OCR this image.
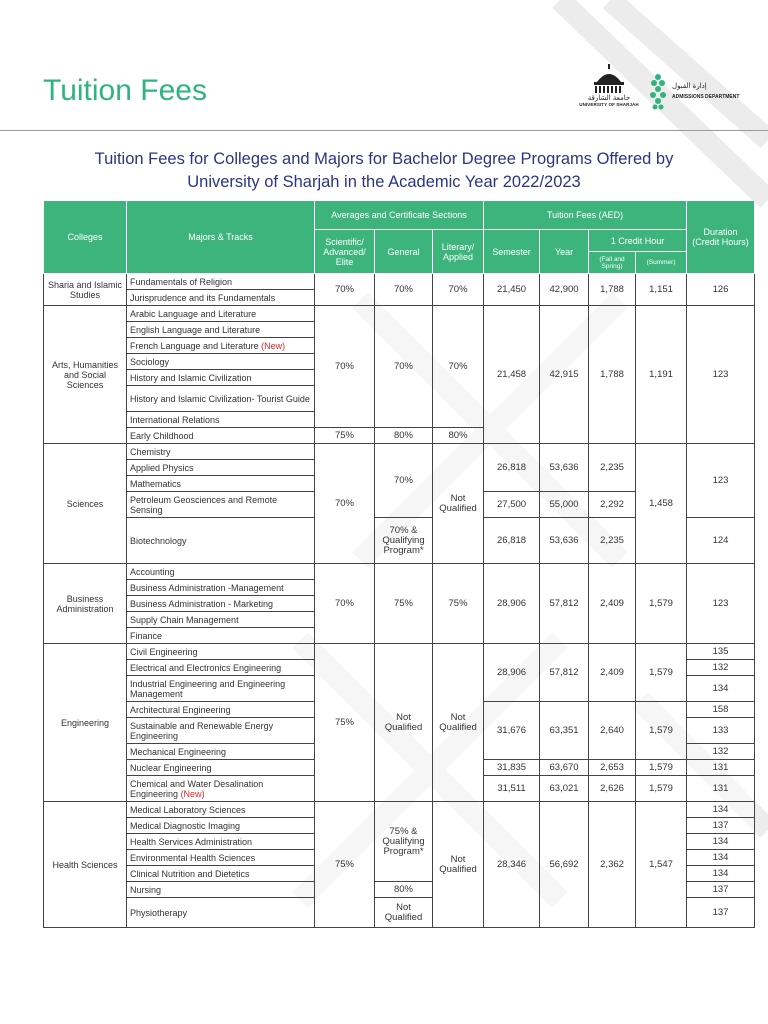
Tuition Fees	جامعة الشارقة
UNIVERSITY OF SHARJAH
إدارة القبول
ADMISSIONS DEPARTMENT
Tuition Fees for Colleges and Majors for Bachelor Degree Programs Offered by
University of Sharjah in the Academic Year 2022/2023
Colleges	Majors & Tracks	Averages and Certificate Sections			Tuition Fees (AED)				Duration (Credit Hours)
		Scientific/ Advanced/ Elite	General	Literary/ Applied	Semester	Year	1 Credit Hour		
							(Fall and Spring)	(Summer)	
Sharia and Islamic Studies	Fundamentals of Religion	70%	70%	70%	21,450	42,900	1,788	1,151	126
	Jurisprudence and its Fundamentals								
Arts, Humanities and Social Sciences	Arabic Language and Literature	70%	70%	70%	21,458	42,915	1,788	1,191	123
	English Language and Literature								
	French Language and Literature (New)								
	Sociology								
	History and Islamic Civilization								
	History and Islamic Civilization- Tourist Guide								
	International Relations								
	Early Childhood	75%	80%	80%					
Sciences	Chemistry	70%	70%	Not Qualified	26,818	53,636	2,235	1,458	123
	Applied Physics								
	Mathematics								
	Petroleum Geosciences and Remote Sensing				27,500	55,000	2,292		
	Biotechnology		70% & Qualifying Program*		26,818	53,636	2,235		124
Business Administration	Accounting	70%	75%	75%	28,906	57,812	2,409	1,579	123
	Business Administration -Management								
	Business Administration - Marketing								
	Supply Chain Management								
	Finance								
Engineering	Civil Engineering	75%	Not Qualified	Not Qualified	28,906	57,812	2,409	1,579	135
	Electrical and Electronics Engineering								132
	Industrial Engineering and Engineering Management								134
	Architectural Engineering				31,676	63,351	2,640	1,579	158
	Sustainable and Renewable Energy Engineering								133
	Mechanical Engineering								132
	Nuclear Engineering				31,835	63,670	2,653	1,579	131
	Chemical and Water Desalination Engineering (New)				31,511	63,021	2,626	1,579	131
Health Sciences	Medical Laboratory Sciences	75%	75% & Qualifying Program*	Not Qualified	28,346	56,692	2,362	1,547	134
	Medical Diagnostic Imaging								137
	Health Services Administration								134
	Environmental Health Sciences								134
	Clinical Nutrition and Dietetics								134
	Nursing		80%						137
	Physiotherapy		Not Qualified						137
